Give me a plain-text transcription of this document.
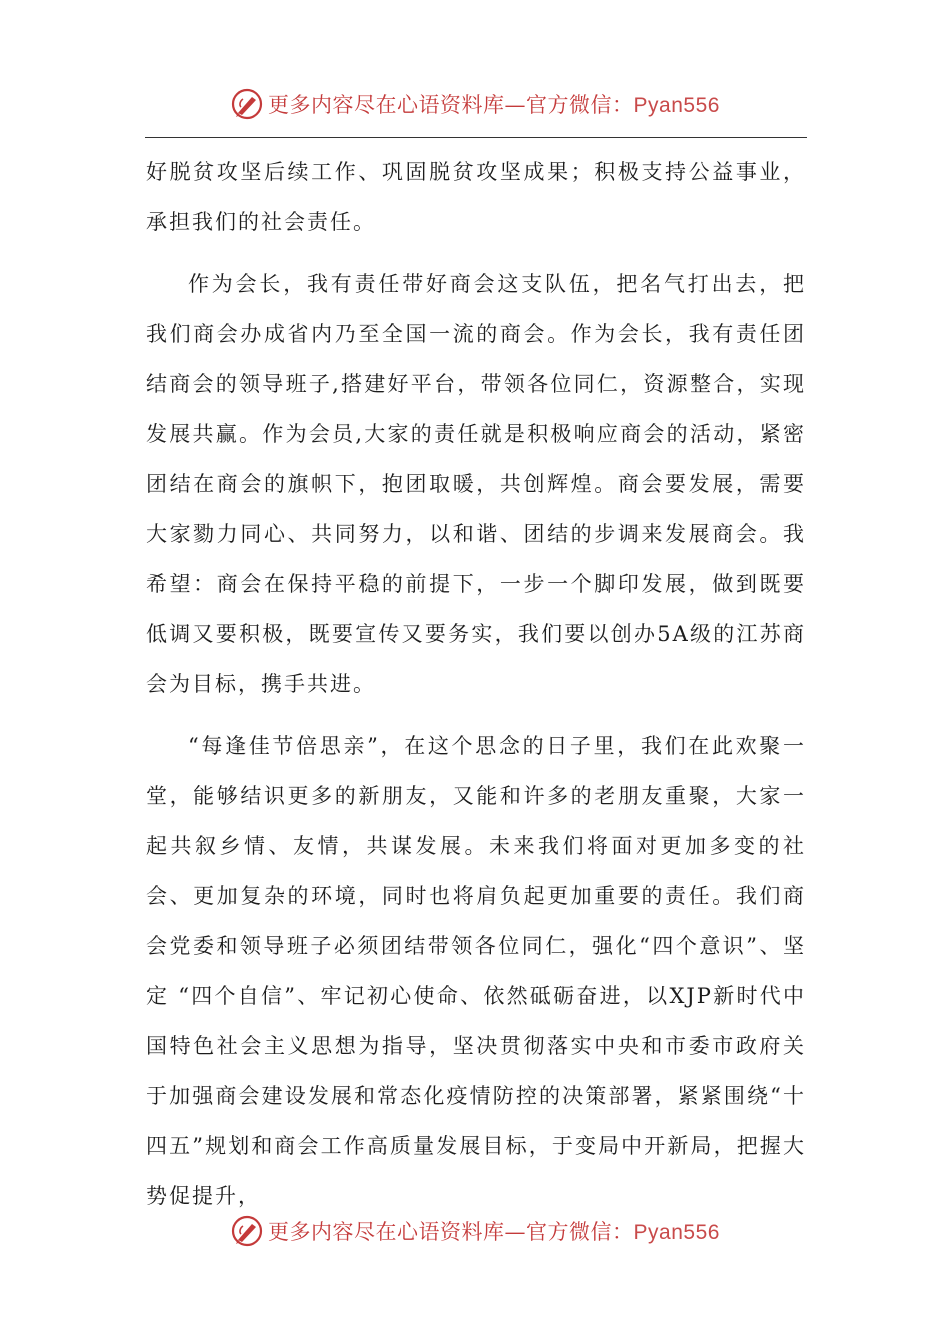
更多内容尽在心语资料库—官方微信：Pyan556

好脱贫攻坚后续工作、巩固脱贫攻坚成果；积极支持公益事业，承担我们的社会责任。

作为会长，我有责任带好商会这支队伍，把名气打出去，把我们商会办成省内乃至全国一流的商会。作为会长，我有责任团结商会的领导班子,搭建好平台，带领各位同仁，资源整合，实现发展共赢。作为会员,大家的责任就是积极响应商会的活动，紧密团结在商会的旗帜下，抱团取暖，共创辉煌。商会要发展，需要大家勠力同心、共同努力，以和谐、团结的步调来发展商会。我希望：商会在保持平稳的前提下，一步一个脚印发展，做到既要低调又要积极，既要宣传又要务实，我们要以创办5A级的江苏商会为目标，携手共进。

“每逢佳节倍思亲”，在这个思念的日子里，我们在此欢聚一堂，能够结识更多的新朋友，又能和许多的老朋友重聚，大家一起共叙乡情、友情，共谋发展。未来我们将面对更加多变的社会、更加复杂的环境，同时也将肩负起更加重要的责任。我们商会党委和领导班子必须团结带领各位同仁，强化“四个意识”、坚定 “四个自信”、牢记初心使命、依然砥砺奋进，以XJP新时代中国特色社会主义思想为指导，坚决贯彻落实中央和市委市政府关于加强商会建设发展和常态化疫情防控的决策部署，紧紧围绕“十四五”规划和商会工作高质量发展目标，于变局中开新局，把握大势促提升，

更多内容尽在心语资料库—官方微信：Pyan556
